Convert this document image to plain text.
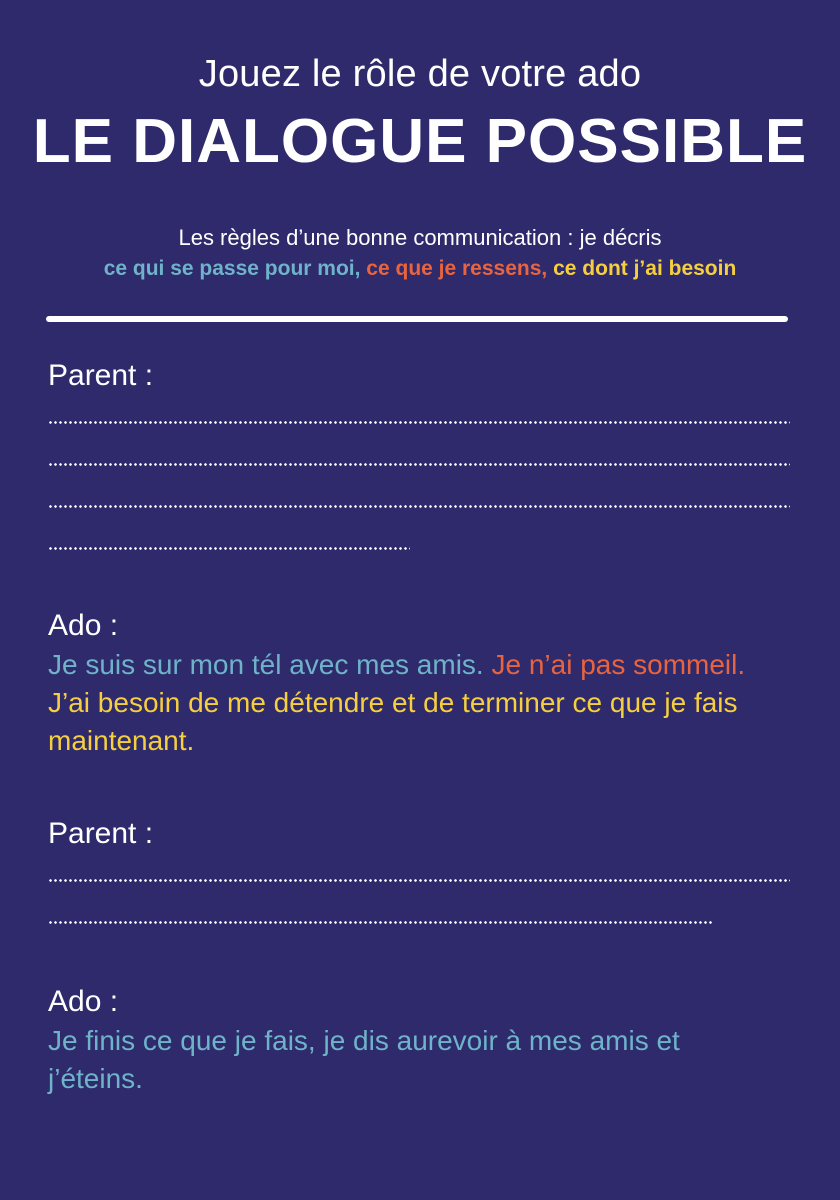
Jouez le rôle de votre ado

LE DIALOGUE POSSIBLE

Les règles d’une bonne communication : je décris

ce qui se passe pour moi, ce que je ressens, ce dont j’ai besoin

Parent :

Ado :

Je suis sur mon tél avec mes amis. Je n’ai pas sommeil. J’ai besoin de me détendre et de terminer ce que je fais maintenant.

Parent :

Ado :

Je finis ce que je fais, je dis aurevoir à mes amis et j’éteins.
